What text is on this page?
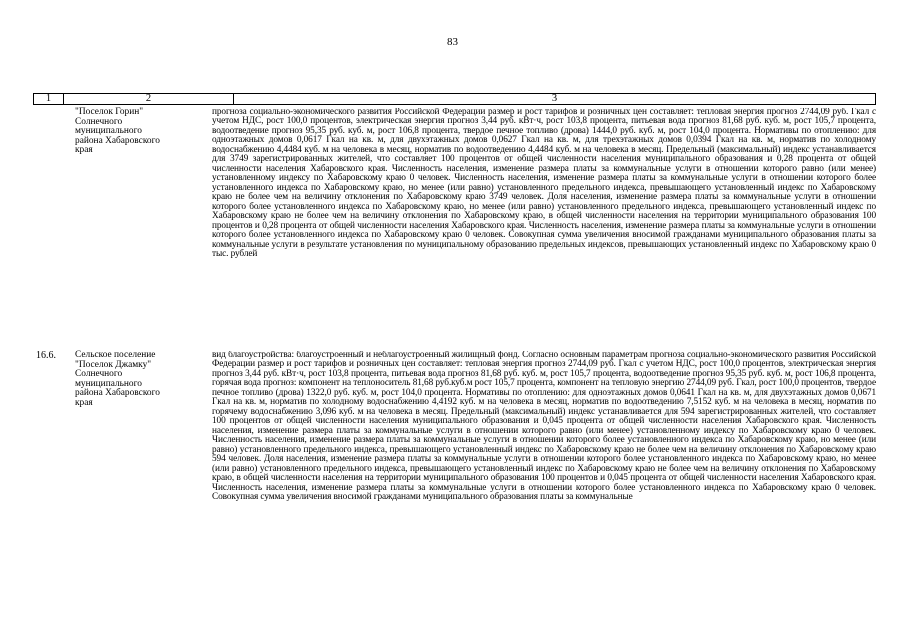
83
1	2	3
"Поселок Горин"
Солнечного
муниципального
района Хабаровского
края
прогноза социально-экономического развития Российской Федерации размер и рост тарифов и розничных цен составляет: тепловая энергия прогноз 2744,09 руб. Гкал с учетом НДС, рост 100,0 процентов, электрическая энергия прогноз 3,44 руб. кВт·ч, рост 103,8 процента, питьевая вода прогноз 81,68 руб. куб. м, рост 105,7 процента, водоотведение прогноз 95,35 руб. куб. м, рост 106,8 процента, твердое печное топливо (дрова) 1444,0 руб. куб. м, рост 104,0 процента. Нормативы по отоплению: для одноэтажных домов 0,0617 Гкал на кв. м, для двухэтажных домов 0,0627 Гкал на кв. м, для трехэтажных домов 0,0394 Гкал на кв. м, норматив по холодному водоснабжению 4,4484 куб. м на человека в месяц, норматив по водоотведению 4,4484 куб. м на человека в месяц. Предельный (максимальный) индекс устанавливается для 3749 зарегистрированных жителей, что составляет 100 процентов от общей численности населения муниципального образования и 0,28 процента от общей численности населения Хабаровского края. Численность населения, изменение размера платы за коммунальные услуги в отношении которого равно (или менее) установленному индексу по Хабаровскому краю 0 человек. Численность населения, изменение размера платы за коммунальные услуги в отношении которого более установленного индекса по Хабаровскому краю, но менее (или равно) установленного предельного индекса, превышающего установленный индекс по Хабаровскому краю не более чем на величину отклонения по Хабаровскому краю 3749 человек. Доля населения, изменение размера платы за коммунальные услуги в отношении которого более установленного индекса по Хабаровскому краю, но менее (или равно) установленного предельного индекса, превышающего установленный индекс по Хабаровскому краю не более чем на величину отклонения по Хабаровскому краю, в общей численности населения на территории муниципального образования 100 процентов и 0,28 процента от общей численности населения Хабаровского края. Численность населения, изменение размера платы за коммунальные услуги в отношении которого более установленного индекса по Хабаровскому краю 0 человек. Совокупная сумма увеличения вносимой гражданами муниципального образования платы за коммунальные услуги в результате установления по муниципальному образованию предельных индексов, превышающих установленный индекс по Хабаровскому краю 0 тыс. рублей
16.6. Сельское поселение
"Поселок Джамку"
Солнечного
муниципального
района Хабаровского
края
вид благоустройства: благоустроенный и неблагоустроенный жилищный фонд. Согласно основным параметрам прогноза социально-экономического развития Российской Федерации размер и рост тарифов и розничных цен составляет: тепловая энергия прогноз 2744,09 руб. Гкал с учетом НДС, рост 100,0 процентов, электрическая энергия прогноз 3,44 руб. кВт·ч, рост 103,8 процента, питьевая вода прогноз 81,68 руб. куб. м, рост 105,7 процента, водоотведение прогноз 95,35 руб. куб. м, рост 106,8 процента, горячая вода прогноз: компонент на теплоноситель 81,68 руб.куб.м рост 105,7 процента, компонент на тепловую энергию 2744,09 руб. Гкал, рост 100,0 процентов, твердое печное топливо (дрова) 1322,0 руб. куб. м, рост 104,0 процента. Нормативы по отоплению: для одноэтажных домов 0,0641 Гкал на кв. м, для двухэтажных домов 0,0671 Гкал на кв. м, норматив по холодному водоснабжению 4,4192 куб. м на человека в месяц, норматив по водоотведению 7,5152 куб. м на человека в месяц, норматив по горячему водоснабжению 3,096 куб. м на человека в месяц. Предельный (максимальный) индекс устанавливается для 594 зарегистрированных жителей, что составляет 100 процентов от общей численности населения муниципального образования и 0,045 процента от общей численности населения Хабаровского края. Численность населения, изменение размера платы за коммунальные услуги в отношении которого равно (или менее) установленному индексу по Хабаровскому краю 0 человек. Численность населения, изменение размера платы за коммунальные услуги в отношении которого более установленного индекса по Хабаровскому краю, но менее (или равно) установленного предельного индекса, превышающего установленный индекс по Хабаровскому краю не более чем на величину отклонения по Хабаровскому краю 594 человек. Доля населения, изменение размера платы за коммунальные услуги в отношении которого более установленного индекса по Хабаровскому краю, но менее (или равно) установленного предельного индекса, превышающего установленный индекс по Хабаровскому краю не более чем на величину отклонения по Хабаровскому краю, в общей численности населения на территории муниципального образования 100 процентов и 0,045 процента от общей численности населения Хабаровского края. Численность населения, изменение размера платы за коммунальные услуги в отношении которого более установленного индекса по Хабаровскому краю 0 человек. Совокупная сумма увеличения вносимой гражданами муниципального образования платы за коммунальные
